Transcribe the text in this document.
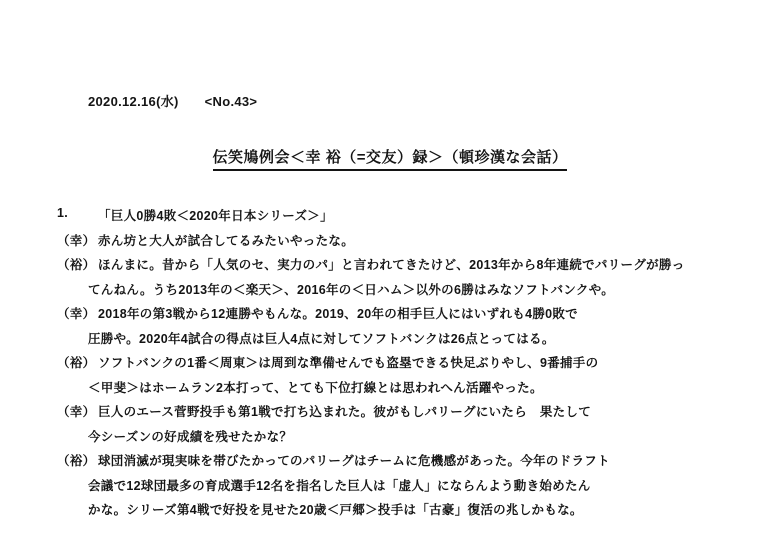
2020.12.16(水) <No.43>
伝笑鳩例会＜幸 裕（=交友）録＞（頓珍漢な会話）
1. 「巨人0勝4敗＜2020年日本シリーズ＞」
（幸） 赤ん坊と大人が試合してるみたいやったな。
（裕） ほんまに。昔から「人気のセ、実力のパ」と言われてきたけど、2013年から8年連続でパリーグが勝っ
てんねん。うち2013年の＜楽天＞、2016年の＜日ハム＞以外の6勝はみなソフトバンクや。
（幸） 2018年の第3戦から12連勝やもんな。2019、20年の相手巨人にはいずれも4勝0敗で
圧勝や。2020年4試合の得点は巨人4点に対してソフトバンクは26点とってはる。
（裕） ソフトバンクの1番＜周東＞は周到な準備せんでも盗塁できる快足ぶりやし、9番捕手の
＜甲斐＞はホームラン2本打って、とても下位打線とは思われへん活躍やった。
（幸） 巨人のエース菅野投手も第1戦で打ち込まれた。彼がもしパリーグにいたら　果たして
今シーズンの好成績を残せたかな？
（裕） 球団消滅が現実味を帯びたかってのパリーグはチームに危機感があった。今年のドラフト
会議で12球団最多の育成選手12名を指名した巨人は「虚人」にならんよう動き始めたん
かな。シリーズ第4戦で好投を見せた20歳＜戸郷＞投手は「古豪」復活の兆しかもな。
